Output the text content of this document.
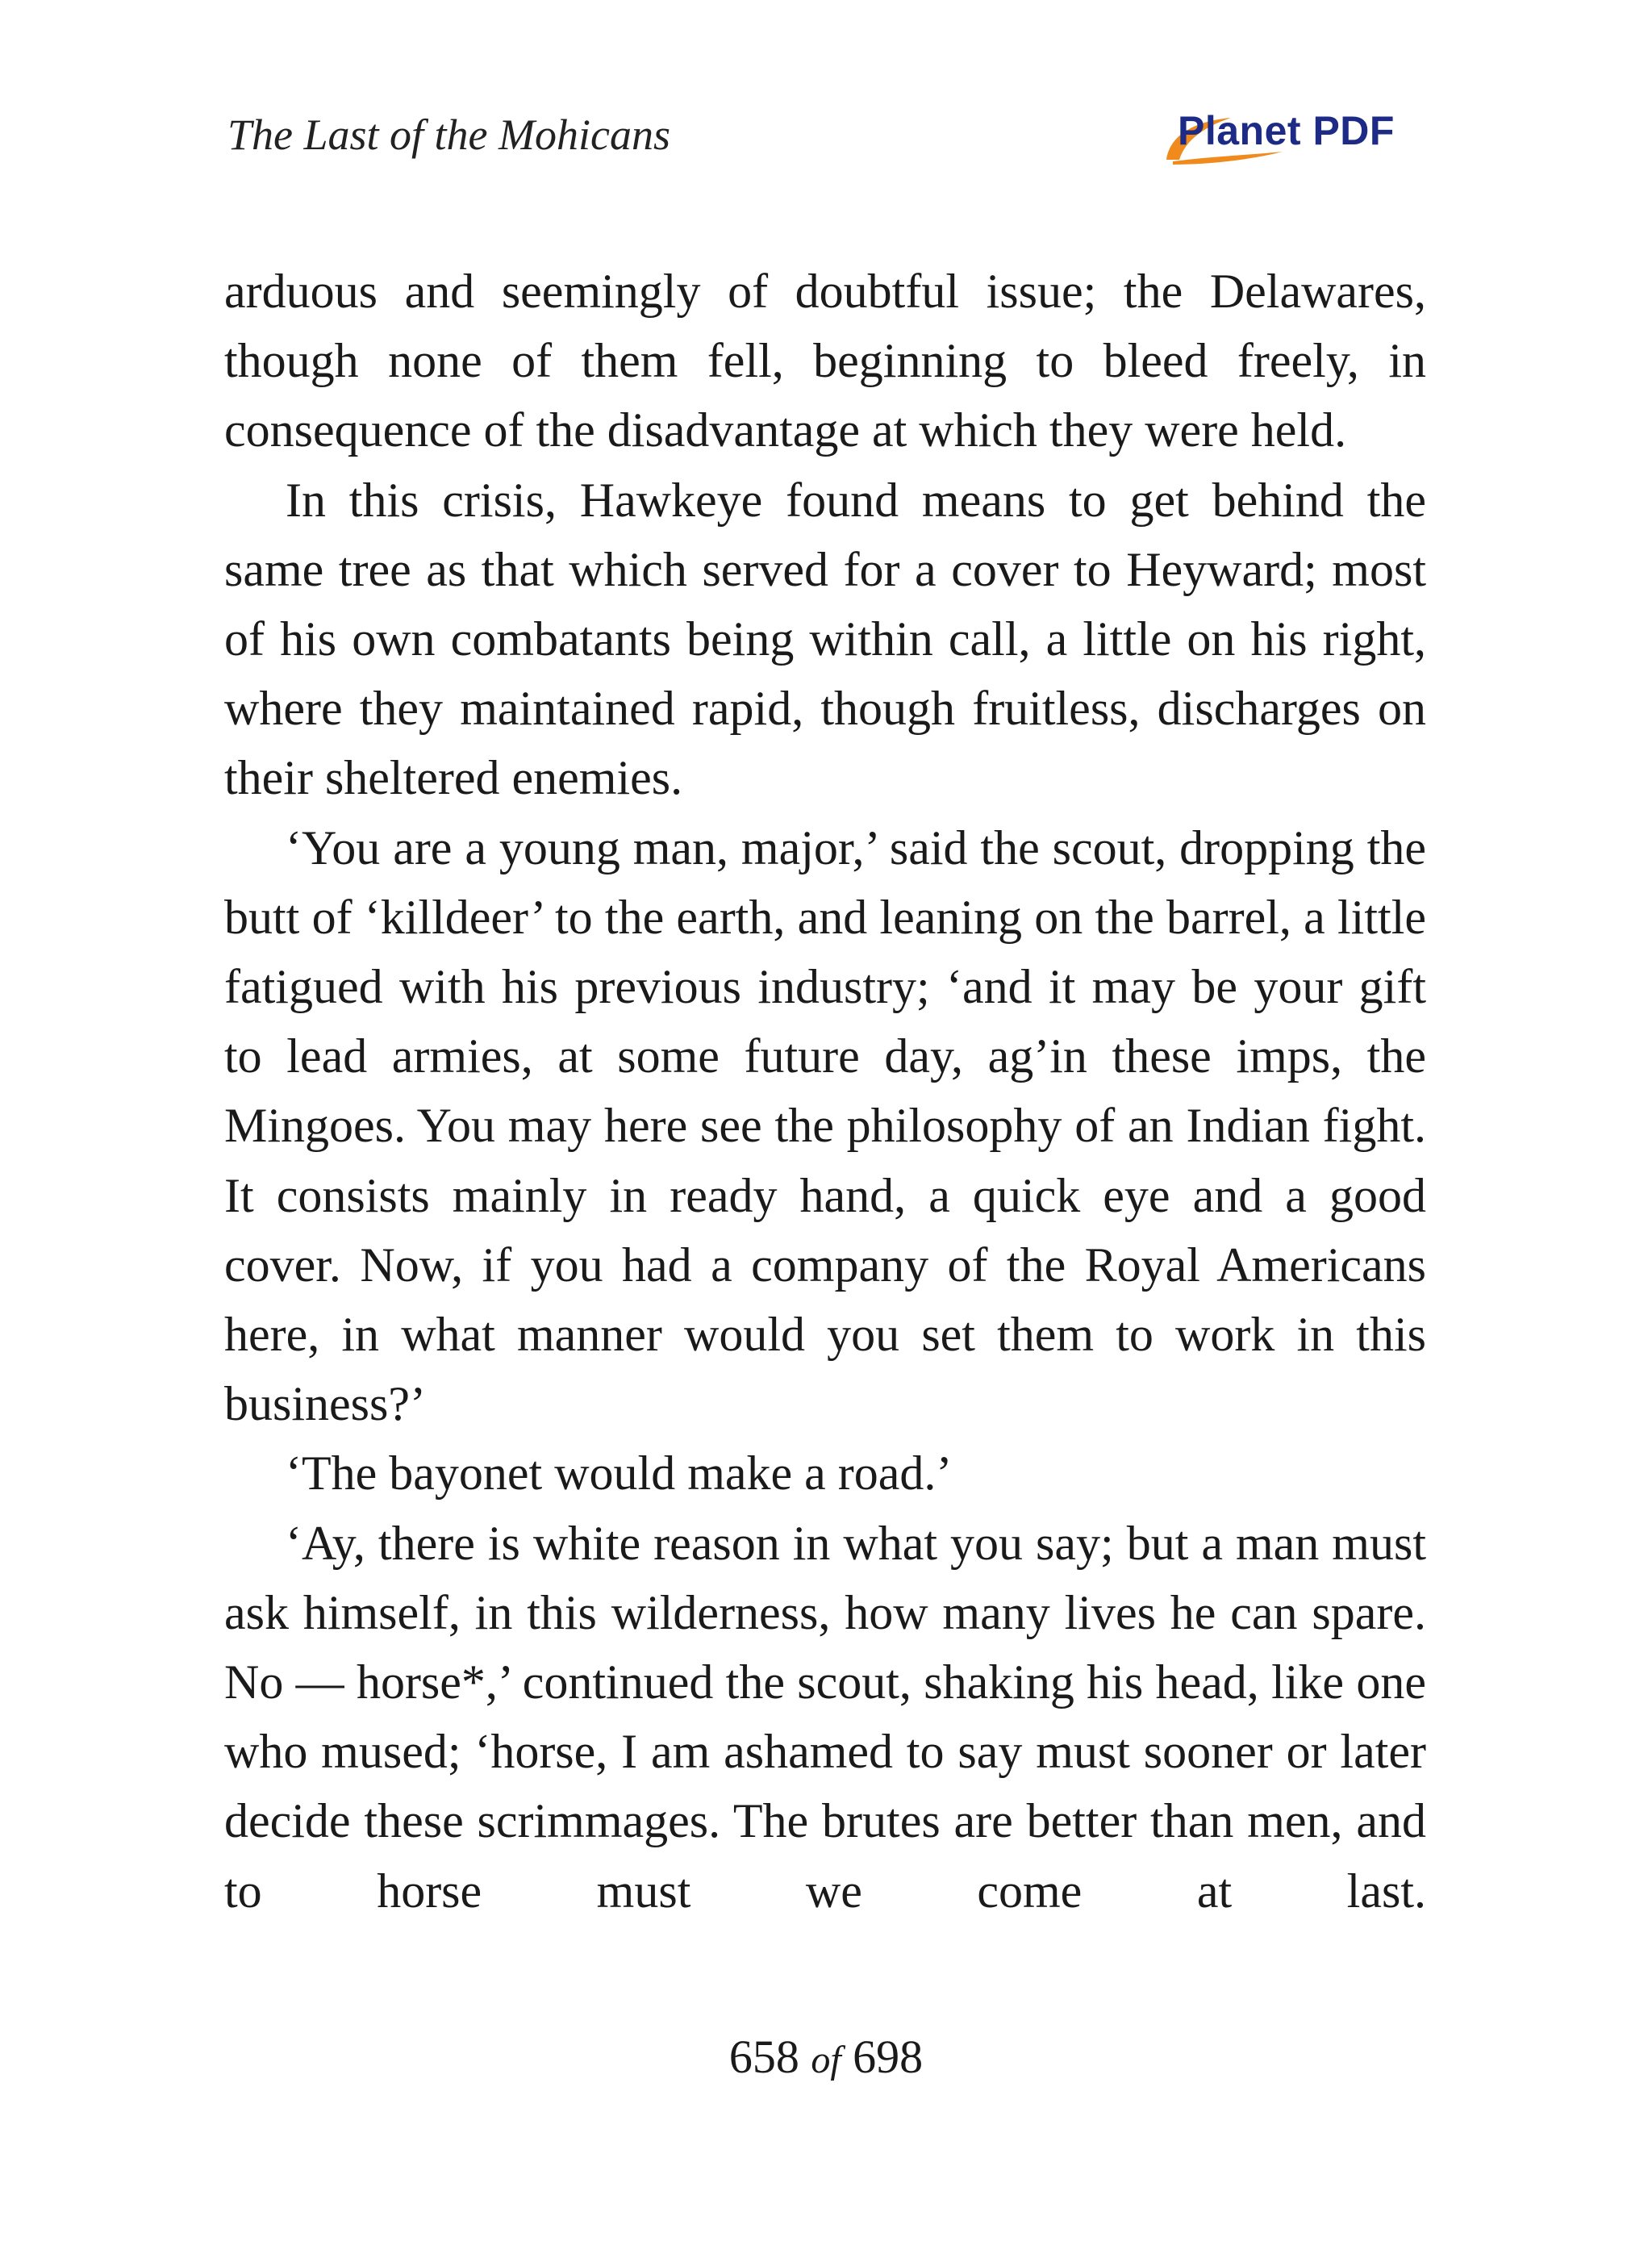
The Last of the Mohicans	Planet PDF

arduous and seemingly of doubtful issue; the Delawares, though none of them fell, beginning to bleed freely, in consequence of the disadvantage at which they were held.

In this crisis, Hawkeye found means to get behind the same tree as that which served for a cover to Heyward; most of his own combatants being within call, a little on his right, where they maintained rapid, though fruitless, discharges on their sheltered enemies.

‘You are a young man, major,’ said the scout, dropping the butt of ‘killdeer’ to the earth, and leaning on the barrel, a little fatigued with his previous industry; ‘and it may be your gift to lead armies, at some future day, ag’in these imps, the Mingoes. You may here see the philosophy of an Indian fight. It consists mainly in ready hand, a quick eye and a good cover. Now, if you had a company of the Royal Americans here, in what manner would you set them to work in this business?’

‘The bayonet would make a road.’

‘Ay, there is white reason in what you say; but a man must ask himself, in this wilderness, how many lives he can spare. No — horse*,’ continued the scout, shaking his head, like one who mused; ‘horse, I am ashamed to say must sooner or later decide these scrimmages. The brutes are better than men, and to horse must we come at last.

658 of 698
